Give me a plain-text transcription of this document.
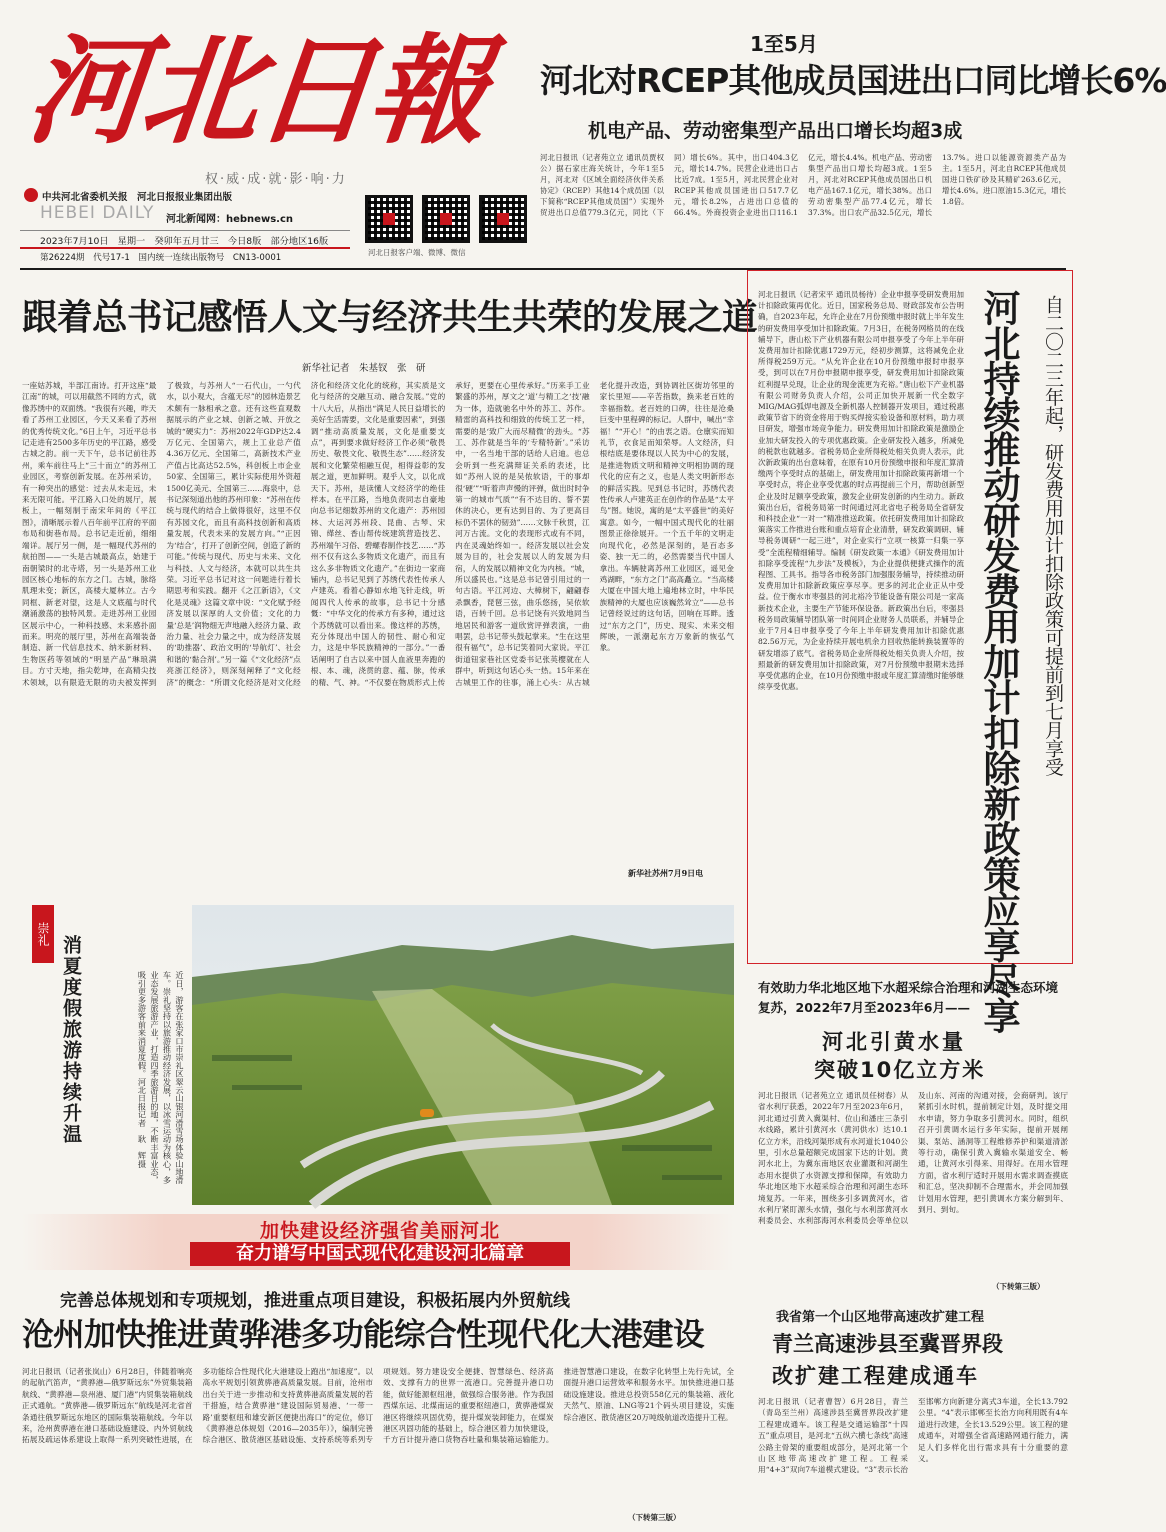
河北日報
权·威·成·就·影·响·力
中共河北省委机关报　河北日报报业集团出版
HEBEI DAILY 河北新闻网：hebnews.cn
2023年7月10日　星期一　癸卯年五月廿三　今日8版　部分地区16版
第26224期　代号17-1　国内统一连续出版物号　CN13-0001
河北日报客户端、微博、微信
1至5月
河北对RCEP其他成员国进出口同比增长6%
机电产品、劳动密集型产品出口增长均超3成
河北日报讯（记者苑立立 通讯员贾权公）据石家庄海关统计，今年1至5月，河北对《区域全面经济伙伴关系协定》（RCEP）其他14个成员国（以下简称“RCEP其他成员国”）实现外贸进出口总值779.3亿元，同比（下同）增长6%。其中，出口404.3亿元，增长14.7%。民营企业进出口占比近7成。1至5月，河北民营企业对RCEP其他成员国进出口517.7亿元，增长8.2%，占进出口总值的66.4%。外商投资企业进出口116.1亿元，增长4.4%。机电产品、劳动密集型产品出口增长均超3成。1至5月，河北对RCEP其他成员国出口机电产品167.1亿元，增长38%。出口劳动密集型产品77.4亿元，增长37.3%。出口农产品32.5亿元，增长13.7%。进口以能源资源类产品为主。1至5月，河北自RCEP其他成员国进口铁矿砂及其精矿263.6亿元，增长4.6%。进口原油15.3亿元，增长1.8倍。
跟着总书记感悟人文与经济共生共荣的发展之道
新华社记者　朱基钗　张　研
一座姑苏城，半部江南诗。打开这座“最江南”的城，可以用截然不同的方式，就像苏绣中的双面绣。“我很有兴趣，昨天看了苏州工业园区，今天又来看了苏州的优秀传统文化。”6日上午，习近平总书记走进有2500多年历史的平江路，感受古城之韵。前一天下午，总书记前往苏州，乘车前往马上“三十而立”的苏州工业园区，考察创新发展。在苏州采访，有一种突出的感觉：过去从未走远，未来无限可能。平江路入口处的展厅，展板上，一幅刻制于南宋年间的《平江图》，清晰展示着八百年前平江府的平面布局和街巷布局。总书记走近前，细细端详。展厅另一侧，是一幅现代苏州的航拍图——一头是古城最高点，始建于南朝梁时的北寺塔，另一头是苏州工业园区核心地标的东方之门。古城，脉络肌理未变；新区，高楼大厦林立。古今同框、新老对望，这是人文底蕴与时代潮涌激荡的独特风景。走进苏州工业园区展示中心，一种科技感、未来感扑面而来。明亮的展厅里，苏州在高端装备制造、新一代信息技术、纳米新材料、生物医药等领域的“明星产品”琳琅满目。方寸天地，指尖乾坤，在高精尖技术领域，以有限造无限的功夫被发挥到了极致，与苏州人“一石代山，一勺代水，以小观大，含蕴无尽”的园林造景艺术颇有一脉相承之意。还有这些直观数据展示的产业之城、创新之城、开放之城的“硬实力”：苏州2022年GDP达2.4万亿元、全国第六，规上工业总产值4.36万亿元、全国第二，高新技术产业产值占比高达52.5%，科创板上市企业50家、全国第三，累计实际使用外资超1500亿美元、全国第三……海泉中，总书记深刻道出他的苏州印象：“苏州在传统与现代的结合上做得很好，这里不仅有苏园文化，而且有高科技创新和高质量发展，代表未来的发展方向。”“正因为‘结合’，打开了创新空间，创造了新的可能。”传统与现代、历史与未来、文化与科技、人文与经济，本就可以共生共荣。习近平总书记对这一问题进行着长期思考和实践。翻开《之江新语》，《文化是灵魂》这篇文章中说：“文化赋予经济发展以深厚的人文价值；文化的力量‘总是’润物细无声地融入经济力量、政治力量、社会力量之中，成为经济发展的‘助推器’、政治文明的‘导航灯’、社会和谐的‘黏合剂’。”另一篇《“文化经济”点亮浙江经济》，则深刻阐释了“文化经济”的概念：“所谓文化经济是对文化经济化和经济文化化的统称，其实质是文化与经济的交融互动、融合发展。”党的十八大后，从指出“满足人民日益增长的美好生活需要，文化是重要因素”，到强调“推动高质量发展，文化是重要支点”，再到要求做好经济工作必须“敬畏历史、敬畏文化、敬畏生态”……经济发展和文化繁荣相融互促，相得益彰的发展之道，更加鲜明。观乎人文，以化成天下。苏州，是读懂人文经济学的绝佳样本。在平江路，当地负责同志自豪地向总书记细数苏州的文化遗产：苏州园林、大运河苏州段、昆曲、古琴、宋锦、缂丝、香山帮传统建筑营造技艺、苏州端午习俗、碧螺春制作技艺……“苏州不仅有这么多物质文化遗产，而且有这么多非物质文化遗产。”在街边一家商铺内，总书记见到了苏绣代表性传承人卢建英。看着心静如水地飞针走线，听闻四代人传承的故事，总书记十分感慨：“中华文化的传承方有多种，通过这个苏绣就可以看出来。像这样的苏绣，充分体现出中国人的韧性、耐心和定力，这是中华民族精神的一部分。”一番话阐明了自古以来中国人血液里奔跑的根、本、魂，浇贯的意、蕴、脉，传承的精、气、神。“不仅要在物质形式上传承好，更要在心里传承好。”历来手工业繁盛的苏州，厚文之‘道’与精工之‘技’融为一体，造就驰名中外的苏工、苏作。精雷的高科技和细致的传统工艺一样，需要的是‘致广大而尽精微’的劲头。“苏工、苏作就是当年的‘专精特新’。”采访中，一名当地干部的话给人启迪。也总会听到一些充满辩证关系的表述，比如“苏州人说的是吴侬软语，干的事却很‘硬’”“听着声声慢的评弹，做出时时争第一的城市气质”“有不达目的、誓不罢休的决心，更有达到目的、为了更高目标仍不罢休的韧劲”……文脉千秋贯，江河万古流。文化的表现形式或有不同，内在灵魂始终如一。经济发展以社会发展为目的，社会发展以人的发展为归宿，人的发展以精神文化为内核。“城，所以盛民也。”这是总书记曾引用过的一句古语。平江河边、大樟树下，翩翩春杀飘香，琵琶三弦，曲乐悠扬，吴依软语，百转千回。总书记饶有兴致地同当地居民和游客一道欣赏评弹表演，一曲唱罢，总书记带头鼓起掌来。“生在这里很有福气”，总书记笑着同大家说。平江街道钮家巷社区党委书记张英樱就在人群中，听到这句话心头一热。15年来在古城里工作的往事，涌上心头：从古城老化提升改造，到协调社区街坊邻里的家长里短——辛苦指数，换来老百姓的幸福指数。老百姓的口碑，往往是沧桑巨变中里程碑的标记。人群中，喊出“幸福！”“开心！”的由衷之语。仓廪实而知礼节，衣食足而知荣辱。人文经济，归根结底是要体现以人民为中心的发展，是推进物质文明和精神文明相协调的现代化的应有之义，也是人类文明新形态的鲜活实践。见到总书记时，苏绣代表性传承人卢建英正在创作的作品是“太平鸟”图。她说，寓的是“太平盛世”的美好寓意。如今，一幅中国式现代化的壮丽图景正徐徐展开。一个五千年的文明走向现代化，必然是深刻的，是百态多姿、独一无二的，必然需要当代中国人拿出。车辆驶离苏州工业园区，遥见金鸡湖畔，“东方之门”高高矗立。“当高楼大厦在中国大地上遍地林立时，中华民族精神的大厦也应该巍然耸立”——总书记曾经说过的这句话，回响在耳畔。透过“东方之门”，历史、现实、未来交相辉映，一派潮起东方万象新的恢弘气象。
新华社苏州7月9日电
河北日报讯（记者宋平 通讯员杨待）企业申报享受研发费用加计扣除政策再优化。近日，国家税务总局、财政部发布公告明确，自2023年起，允许企业在7月份预缴申报时就上半年发生的研发费用享受加计扣除政策。7月3日，在税务网格员的在线辅导下，唐山松下产业机器有限公司申报享受了今年上半年研发费用加计扣除优惠1729万元，经初步测算，这将减免企业所得税259万元。“从允许企业在10月份预缴申报时申报享受，到可以在7月份申报期申报享受，研发费用加计扣除政策红利提早兑现，让企业的现金流更为充裕。”唐山松下产业机器有限公司财务负责人介绍，公司正加快开展新一代全数字MIG/MAG弧焊电源及全新机器人控制器开发项目，通过税惠政策节省下的资金将用于购买焊接实验设备和原材料，助力项目研发，增强市场竞争能力。研发费用加计扣除政策是激励企业加大研发投入的专项优惠政策。企业研发投入越多，所减免的税款也就越多。省税务局企业所得税处相关负责人表示，此次新政策的出台意味着，在原有10月份预缴申报和年度汇算清缴两个享受时点的基础上，研发费用加计扣除政策再新增一个享受时点，将企业享受优惠的时点再提前三个月，帮助创新型企业及时足额享受政策，激发企业研发创新的内生动力。新政策出台后，省税务局第一时间通过河北省电子税务局全省研发和科技企业“一对一”精准推送政策。依托研发费用加计扣除政策落实工作推进台账和重点培育企业清册，研发政策调研、辅导税务调研“一起三进”，对企业实行“立项一核算一归集一享受”全流程精细辅导。编制《研发政策一本通》《研发费用加计扣除享受流程“九步法”及模板》，为企业提供便捷式操作的流程图、工具书。指导各市税务部门加强服务辅导，持续推动研发费用加计扣除新政策应享尽享。更多的河北企业正从中受益。位于衡水市枣强县的河北裕冷节能设备有限公司是一家高新技术企业，主要生产节能环保设备。新政策出台后，枣强县税务局政策辅导团队第一时间同企业财务人员联系，并辅导企业于7月4日申报享受了今年上半年研发费用加计扣除优惠82.56万元，为企业持续开展电机余力回收热能转换装置等的研发增添了底气。省税务局企业所得税处相关负责人介绍，按照最新的研发费用加计扣除政策，对7月份预缴申报期未选择享受优惠的企业，在10月份预缴申报或年度汇算清缴时能够继续享受优惠。	河北持续推动研发费用加计扣除新政策应享尽享	自二〇二三年起，研发费用加计扣除政策可提前到七月享受
有效助力华北地区地下水超采综合治理和河湖生态环境复苏，2022年7月至2023年6月——
河北引黄水量
突破10亿立方米
河北日报讯（记者苑立立 通讯员任树春）从省水利厅获悉，2022年7月至2023年6月，河北通过引黄入冀渠村、位山和潘庄三条引水线路，累计引黄河水（黄河供水）达10.1亿立方米，沿线河渠形成有水河道长1040公里，引水总量超额完成国家下达的计划。黄河水北上，为冀东南地区农业灌溉和河湖生态用水提供了水资源支撑和保障，有效助力华北地区地下水超采综合治理和河湖生态环境复苏。一年来，围绕多引多调黄河水，省水利厅紧盯源头水情，强化与水利部黄河水利委员会、水利部海河水利委员会等单位以及山东、河南的沟通对接，会商研判。该厅紧抓引水时机，提前制定计划，及时提交用水申请，努力争取多引黄河水。同时，组织召开引黄调水运行多年实际，提前开展闸渠、泵站、涵洞等工程维修养护和渠道清淤等行动，确保引黄入冀输水渠道安全、畅通，让黄河水引得来、用得好。在用水管理方面，省水利厅适时开展用水需求调查摸底和汇总，坚决抑制不合理需水，并会同加强计划用水管理，把引黄调水方案分解到年、到月、到旬。
（下转第三版）
崇礼
消夏度假旅游持续升温	近日，游客在张家口市崇礼区翠云山银河滑雪场体验山地滑车。崇礼坚持以旅游推动经济发展，以冰雪运动为核心，多业态发展旅游产业，打造四季旅游目的地，不断丰富业态，吸引更多游客前来消夏度假。河北日报记者　耿　辉摄
加快建设经济强省美丽河北
奋力谱写中国式现代化建设河北篇章
完善总体规划和专项规划，推进重点项目建设，积极拓展内外贸航线
沧州加快推进黄骅港多功能综合性现代化大港建设
河北日报讯（记者张岚山）6月28日，伴随着响亮的起航汽笛声，“黄骅港—俄罗斯远东”外贸集装箱航线、“黄骅港—泉州港、厦门港”内贸集装箱航线正式通航。“黄骅港—俄罗斯远东”航线是河北省首条通往俄罗斯远东地区的国际集装箱航线。今年以来，沧州黄骅港在港口基础设施建设、内外贸航线拓展及疏运体系建设上取得一系列突破性进展，在多功能综合性现代化大港建设上跑出“加速度”。以高水平规划引领黄骅港高质量发展。目前，沧州市出台关于进一步推动和支持黄骅港高质量发展的若干措施，结合黄骅港“建设国际贸易港、‘一带一路’重要枢纽和雄安新区便捷出海口”的定位，修订《黄骅港总体规划（2016—2035年）》，编制完善综合港区、散货港区基础设施、支持系统等系列专项规划。努力建设安全便捷、智慧绿色、经济高效、支撑有力的世界一流港口。完善提升港口功能，做好能源枢纽港，做强综合服务港。作为我国西煤东运、北煤南运的重要枢纽港口，黄骅港煤炭港区将继续巩固优势，提升煤炭装卸能力，在煤炭港区巩固功能的基础上，综合港区着力加快建设，千方百计提升港口货物吞吐量和集装箱运输能力。推进智慧港口建设，在数字化转型上先行先试，全面提升港口运营效率和服务水平。加快推进港口基础设施建设。推进总投资558亿元的集装箱、液化天然气、原油、LNG等21个码头项目建设，实施综合港区、散货港区20万吨级航道改造提升工程。
（下转第三版）
我省第一个山区地带高速改扩建工程
青兰高速涉县至冀晋界段
改扩建工程建成通车
河北日报讯（记者曹智）6月28日，青兰（青岛至兰州）高速涉县至冀晋界段改扩建工程建成通车。该工程是交通运输部“十四五”重点项目，是河北“五纵六横七条线”高速公路主骨架的重要组成部分，是河北第一个山区地带高速改扩建工程。工程采用“4+3”双向7车道模式建设。“3”表示长治至邯郸方向新建分离式3车道，全长13.792公里。“4”表示邯郸至长治方向利用既有4车道进行改建，全长13.529公里。该工程的建成通车，对增强全省高速路网通行能力，满足人们多样化出行需求具有十分重要的意义。
